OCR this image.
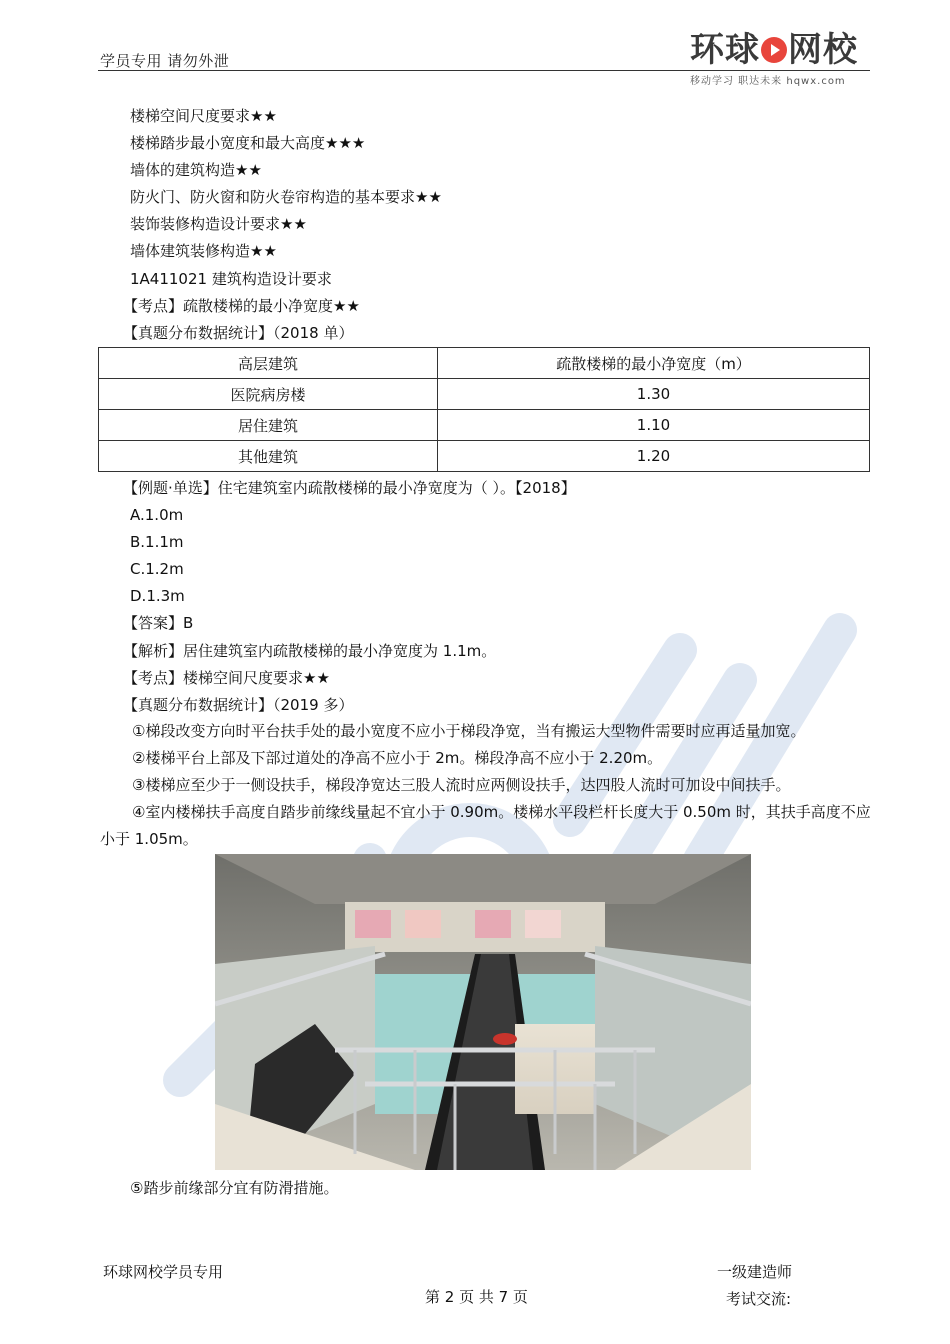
学员专用 请勿外泄	环球 网校
移动学习 职达未来 hqwx.com
楼梯空间尺度要求★★
楼梯踏步最小宽度和最大高度★★★
墙体的建筑构造★★
防火门、防火窗和防火卷帘构造的基本要求★★
装饰装修构造设计要求★★
墙体建筑装修构造★★
1A411021 建筑构造设计要求
【考点】疏散楼梯的最小净宽度★★
【真题分布数据统计】（2018 单）
高层建筑	疏散楼梯的最小净宽度（m）
医院病房楼	1.30
居住建筑	1.10
其他建筑	1.20
【例题·单选】住宅建筑室内疏散楼梯的最小净宽度为（ ）。【2018】
A.1.0m
B.1.1m
C.1.2m
D.1.3m
【答案】B
【解析】居住建筑室内疏散楼梯的最小净宽度为 1.1m。
【考点】楼梯空间尺度要求★★
【真题分布数据统计】（2019 多）
①梯段改变方向时平台扶手处的最小宽度不应小于梯段净宽，当有搬运大型物件需要时应再适量加宽。
②楼梯平台上部及下部过道处的净高不应小于 2m。梯段净高不应小于 2.20m。
③楼梯应至少于一侧设扶手，梯段净宽达三股人流时应两侧设扶手，达四股人流时可加设中间扶手。
④室内楼梯扶手高度自踏步前缘线量起不宜小于 0.90m。楼梯水平段栏杆长度大于 0.50m 时，其扶手高度不应小于 1.05m。
⑤踏步前缘部分宜有防滑措施。
环球网校学员专用
第 2 页 共 7 页
一级建造师
考试交流:
